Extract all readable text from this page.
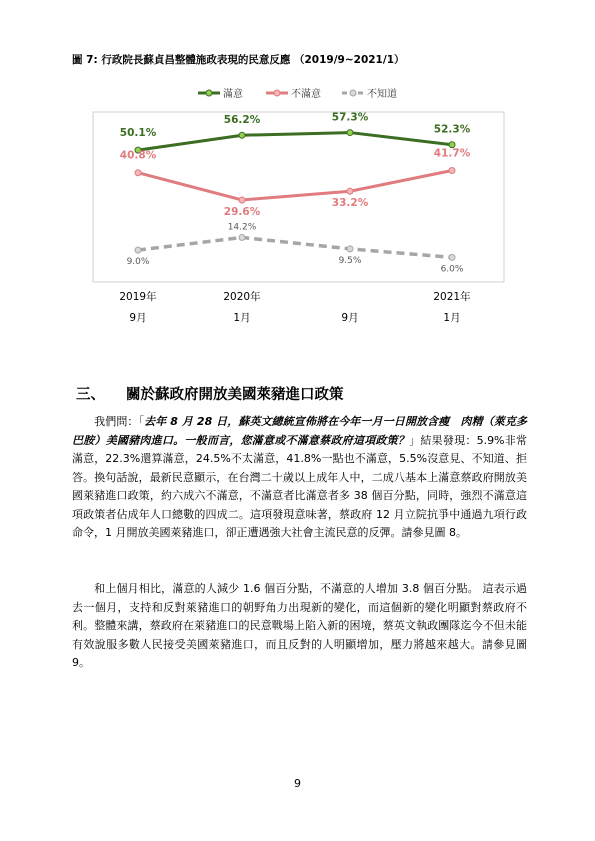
圖 7: 行政院長蘇貞昌整體施政表現的民意反應 （2019/9~2021/1）
滿意	不滿意	不知道
50.1%
56.2%	57.3%
52.3%
40.8%
29.6%
33.2%
41.7%
9.0%
14.2%
9.5%
6.0%
2019年
9月
2020年
1月	9月
2021年
1月
三、 關於蘇政府開放美國萊豬進口政策
我們問：「去年 8 月 28 日，蘇英文總統宣佈將在今年一月一日開放含瘦　肉精（萊克多巴胺）美國豬肉進口。一般而言，您滿意或不滿意蔡政府這項政策？」結果發現：5.9%非常滿意，22.3%還算滿意，24.5%不太滿意，41.8%一點也不滿意，5.5%沒意見、不知道、拒答。換句話說，最新民意顯示，在台灣二十歲以上成年人中，二成八基本上滿意蔡政府開放美國萊豬進口政策，約六成六不滿意，不滿意者比滿意者多 38 個百分點，同時，強烈不滿意這項政策者佔成年人口總數的四成二。這項發現意味著，蔡政府 12 月立院抗爭中通過九項行政命令，1 月開放美國萊豬進口，卻正遭遇強大社會主流民意的反彈。請參見圖 8。
和上個月相比，滿意的人減少 1.6 個百分點，不滿意的人增加 3.8 個百分點。 這表示過去一個月，支持和反對萊豬進口的朝野角力出現新的變化，而這個新的變化明顯對蔡政府不利。整體來講，蔡政府在萊豬進口的民意戰場上陷入新的困境，蔡英文執政團隊迄今不但未能有效說服多數人民接受美國萊豬進口，而且反對的人明顯增加，壓力將越來越大。請參見圖 9。
9
